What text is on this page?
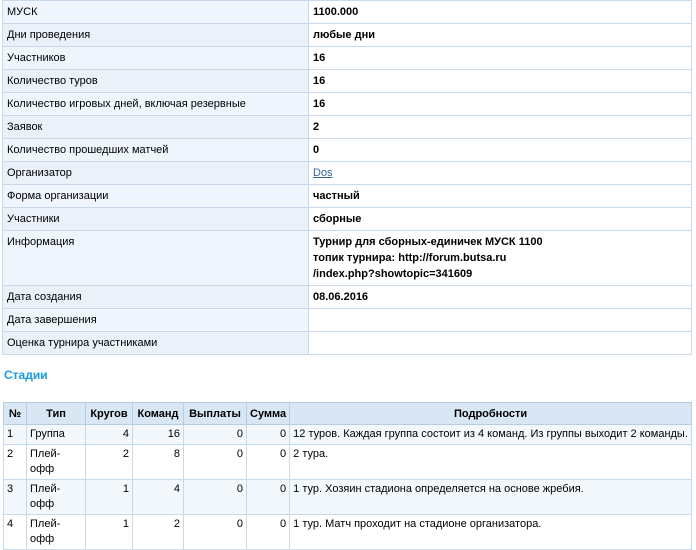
МУСК	1100.000
Дни проведения	любые дни
Участников	16
Количество туров	16
Количество игровых дней, включая резервные	16
Заявок	2
Количество прошедших матчей	0
Организатор	Dos
Форма организации	частный
Участники	сборные
Информация	Турнир для сборных-единичек МУСК 1100
топик турнира: http://forum.butsa.ru
/index.php?showtopic=341609

Дата создания	08.06.2016
Дата завершения	
Оценка турнира участниками	
Стадии
№	Тип	Кругов	Команд	Выплаты	Сумма	Подробности
1	Группа	4	16	0	0	12 туров. Каждая группа состоит из 4 команд. Из группы выходит 2 команды.
2	Плей-офф	2	8	0	0	2 тура.
3	Плей-офф	1	4	0	0	1 тур. Хозяин стадиона определяется на основе жребия.
4	Плей-офф	1	2	0	0	1 тур. Матч проходит на стадионе организатора.
